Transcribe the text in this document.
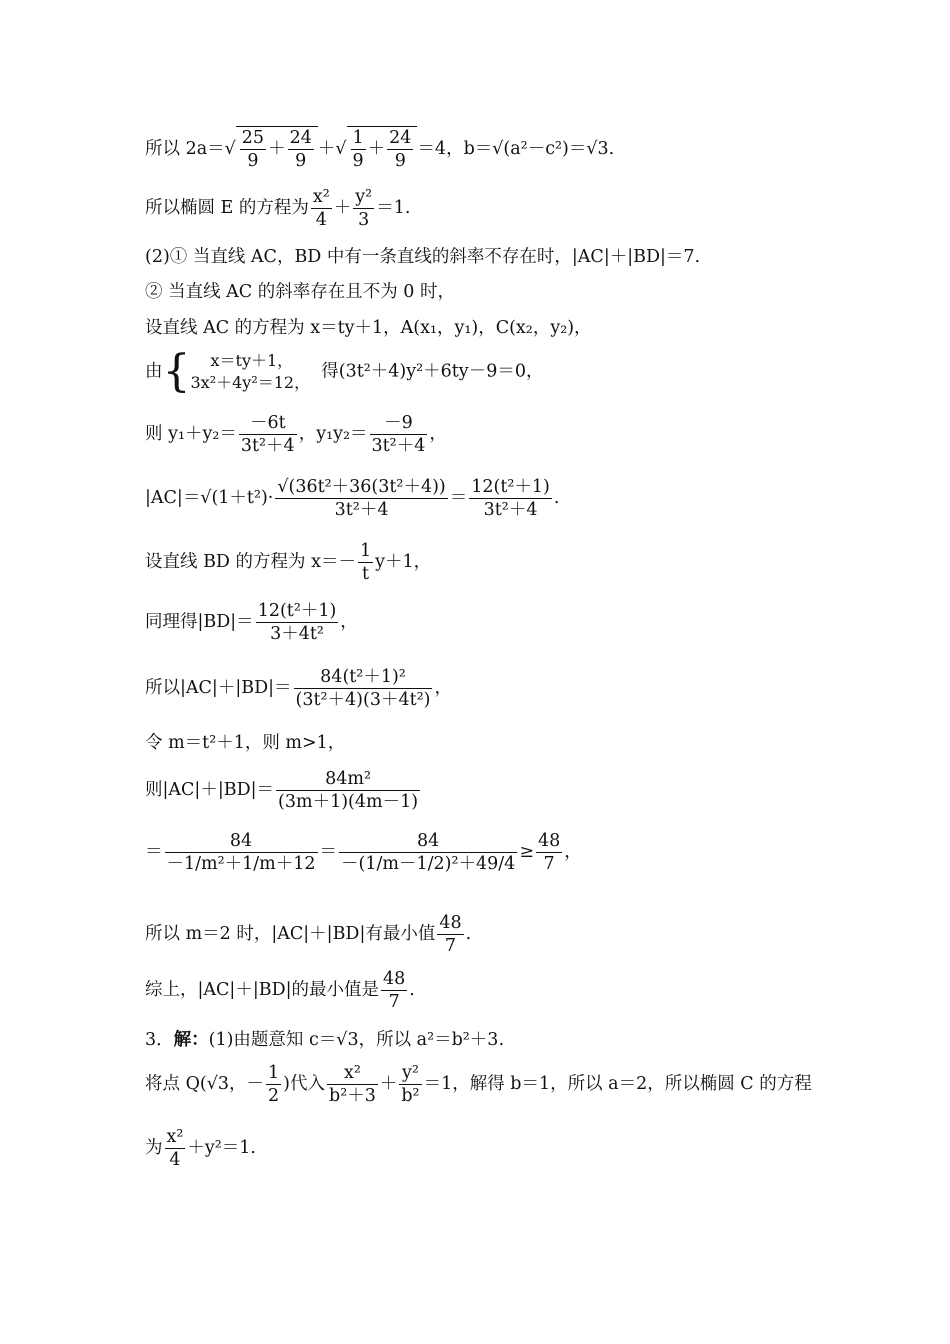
所以 $2a=√ \frac{25}{9} + \frac{24}{9}$ ＋√ $\frac{1}{9} + \frac{24}{9} =4$，b＝√(a²－c²)＝√3.
所以椭圆 E 的方程为 $\frac{\text{x²}}{4} + \frac{\text{y²}}{3} =1$.
(2)① 当直线 AC，BD 中有一条直线的斜率不存在时，|AC|＋|BD|＝7.
② 当直线 AC 的斜率存在且不为 0 时，
设直线 AC 的方程为 x＝ty＋1，A(x₁，y₁)，C(x₂，y₂)，
由{	x＝ty＋1，
3x²＋4y²＝12，
得(3t²＋4)y²＋6ty－9＝0，
则 $y_1+y_2= \frac{-6t}{\text{3t²＋4}}$ ，$y_1y_2= \frac{-9}{\text{3t²＋4}}$ ，
$|AC|=√(1+t^2)\cdot \frac{\text{√(36t²＋36(3t²＋4))}}{\text{3t²＋4}} = \frac{\text{12(t²＋1)}}{\text{3t²＋4}}$ .
设直线 BD 的方程为 $x=- \frac{1}{t} y+1$，
同理得$|BD|= \frac{\text{12(t²＋1)}}{\text{3＋4t²}}$ ，
所以$|AC|+|BD|= \frac{\text{84(t²＋1)²}}{\text{(3t²＋4)(3＋4t²)}}$ ，
令 m＝t²＋1，则 m>1，
则$|AC|+|BD|= \frac{\text{84m²}}{(3m+1)(4m-1)}$
＝ $\frac{84}{\text{－1/m²＋1/m＋12}} = \frac{84}{\text{－(1/m－1/2)²＋49/4}} \ge \frac{48}{7}$ ，
所以 m＝2 时，|AC|＋|BD|有最小值 $\frac{48}{7}$ .
综上，|AC|＋|BD|的最小值是 $\frac{48}{7}$ .
3．解：(1)由题意知 c＝√3，所以 a²＝b²＋3.
将点 Q(√3，－ $\frac{1}{2}$ )代入 $\frac{\text{x²}}{\text{b²＋3}} + \frac{\text{y²}}{\text{b²}} =1$，解得 b＝1，所以 a＝2，所以椭圆 C 的方程
为 $\frac{\text{x²}}{4} +y^2=1$.
